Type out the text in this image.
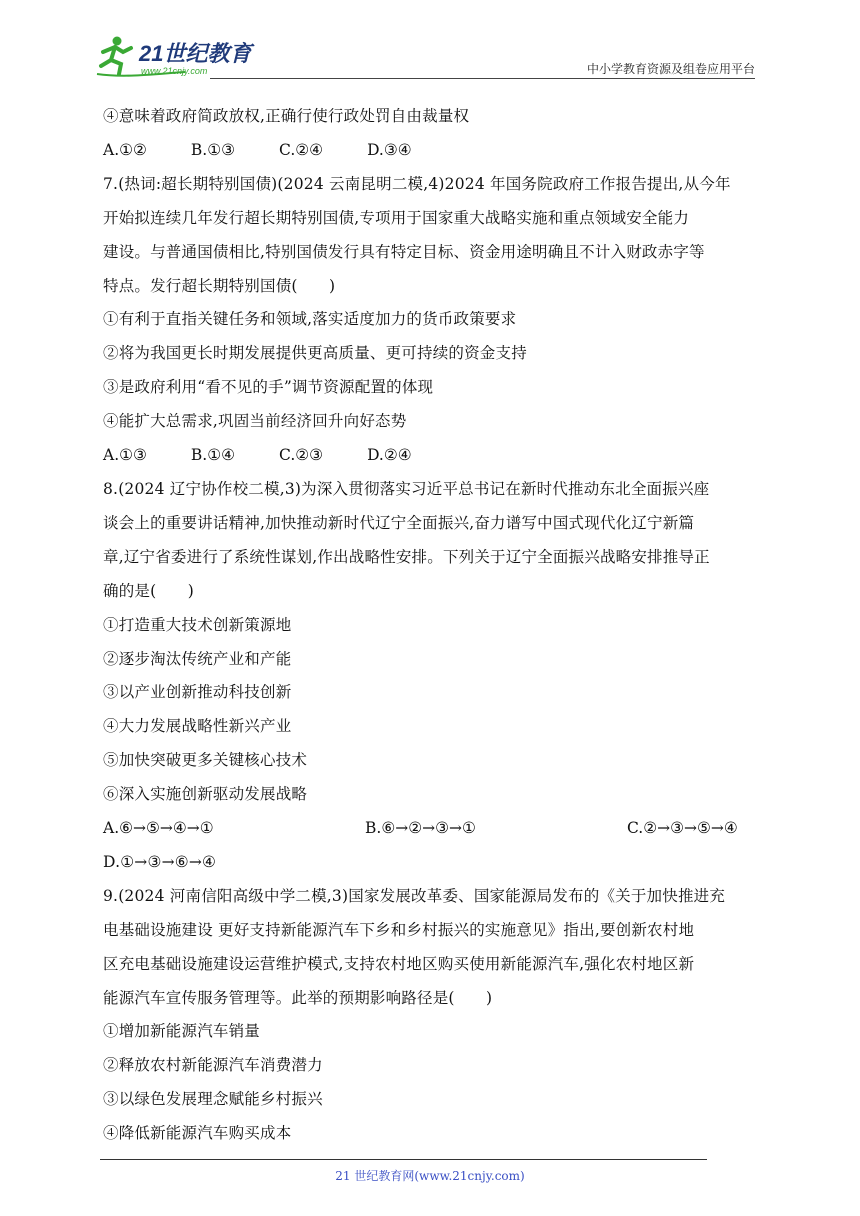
21世纪教育
www.21cnjy.com	中小学教育资源及组卷应用平台
④意味着政府简政放权,正确行使行政处罚自由裁量权
A.①②	B.①③	C.②④	D.③④
7.(热词:超长期特别国债)(2024 云南昆明二模,4)2024 年国务院政府工作报告提出,从今年
开始拟连续几年发行超长期特别国债,专项用于国家重大战略实施和重点领域安全能力
建设。与普通国债相比,特别国债发行具有特定目标、资金用途明确且不计入财政赤字等
特点。发行超长期特别国债(　　)
①有利于直指关键任务和领域,落实适度加力的货币政策要求
②将为我国更长时期发展提供更高质量、更可持续的资金支持
③是政府利用“看不见的手”调节资源配置的体现
④能扩大总需求,巩固当前经济回升向好态势
A.①③	B.①④	C.②③	D.②④
8.(2024 辽宁协作校二模,3)为深入贯彻落实习近平总书记在新时代推动东北全面振兴座
谈会上的重要讲话精神,加快推动新时代辽宁全面振兴,奋力谱写中国式现代化辽宁新篇
章,辽宁省委进行了系统性谋划,作出战略性安排。下列关于辽宁全面振兴战略安排推导正
确的是(　　)
①打造重大技术创新策源地
②逐步淘汰传统产业和产能
③以产业创新推动科技创新
④大力发展战略性新兴产业
⑤加快突破更多关键核心技术
⑥深入实施创新驱动发展战略
A.⑥→⑤→④→①	B.⑥→②→③→①	C.②→③→⑤→④
D.①→③→⑥→④
9.(2024 河南信阳高级中学二模,3)国家发展改革委、国家能源局发布的《关于加快推进充
电基础设施建设 更好支持新能源汽车下乡和乡村振兴的实施意见》指出,要创新农村地
区充电基础设施建设运营维护模式,支持农村地区购买使用新能源汽车,强化农村地区新
能源汽车宣传服务管理等。此举的预期影响路径是(　　)
①增加新能源汽车销量
②释放农村新能源汽车消费潜力
③以绿色发展理念赋能乡村振兴
④降低新能源汽车购买成本
21 世纪教育网(www.21cnjy.com)
